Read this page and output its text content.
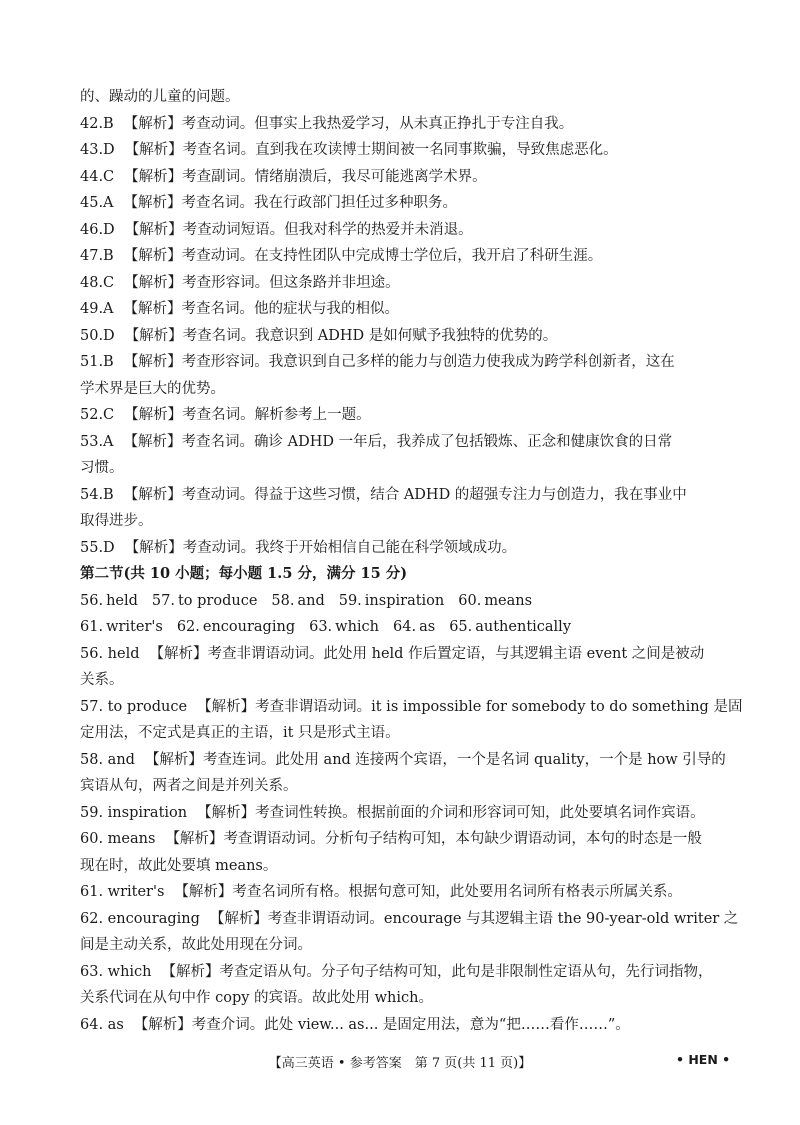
的、躁动的儿童的问题。
42.B 【解析】考查动词。但事实上我热爱学习，从未真正挣扎于专注自我。
43.D 【解析】考查名词。直到我在攻读博士期间被一名同事欺骗，导致焦虑恶化。
44.C 【解析】考查副词。情绪崩溃后，我尽可能逃离学术界。
45.A 【解析】考查名词。我在行政部门担任过多种职务。
46.D 【解析】考查动词短语。但我对科学的热爱并未消退。
47.B 【解析】考查动词。在支持性团队中完成博士学位后，我开启了科研生涯。
48.C 【解析】考查形容词。但这条路并非坦途。
49.A 【解析】考查名词。他的症状与我的相似。
50.D 【解析】考查名词。我意识到 ADHD 是如何赋予我独特的优势的。
51.B 【解析】考查形容词。我意识到自己多样的能力与创造力使我成为跨学科创新者，这在
学术界是巨大的优势。
52.C 【解析】考查名词。解析参考上一题。
53.A 【解析】考查名词。确诊 ADHD 一年后，我养成了包括锻炼、正念和健康饮食的日常
习惯。
54.B 【解析】考查动词。得益于这些习惯，结合 ADHD 的超强专注力与创造力，我在事业中
取得进步。
55.D 【解析】考查动词。我终于开始相信自己能在科学领域成功。
第二节(共 10 小题；每小题 1.5 分，满分 15 分)
56. held 57. to produce 58. and 59. inspiration 60. means
61. writer's 62. encouraging 63. which 64. as 65. authentically
56. held 【解析】考查非谓语动词。此处用 held 作后置定语，与其逻辑主语 event 之间是被动
关系。
57. to produce 【解析】考查非谓语动词。it is impossible for somebody to do something 是固
定用法，不定式是真正的主语，it 只是形式主语。
58. and 【解析】考查连词。此处用 and 连接两个宾语，一个是名词 quality，一个是 how 引导的
宾语从句，两者之间是并列关系。
59. inspiration 【解析】考查词性转换。根据前面的介词和形容词可知，此处要填名词作宾语。
60. means 【解析】考查谓语动词。分析句子结构可知，本句缺少谓语动词，本句的时态是一般
现在时，故此处要填 means。
61. writer's 【解析】考查名词所有格。根据句意可知，此处要用名词所有格表示所属关系。
62. encouraging 【解析】考查非谓语动词。encourage 与其逻辑主语 the 90-year-old writer 之
间是主动关系，故此处用现在分词。
63. which 【解析】考查定语从句。分子句子结构可知，此句是非限制性定语从句，先行词指物，
关系代词在从句中作 copy 的宾语。故此处用 which。
64. as 【解析】考查介词。此处 view... as... 是固定用法，意为“把……看作……”。
【高三英语 • 参考答案　第 7 页(共 11 页)】	• HEN •
